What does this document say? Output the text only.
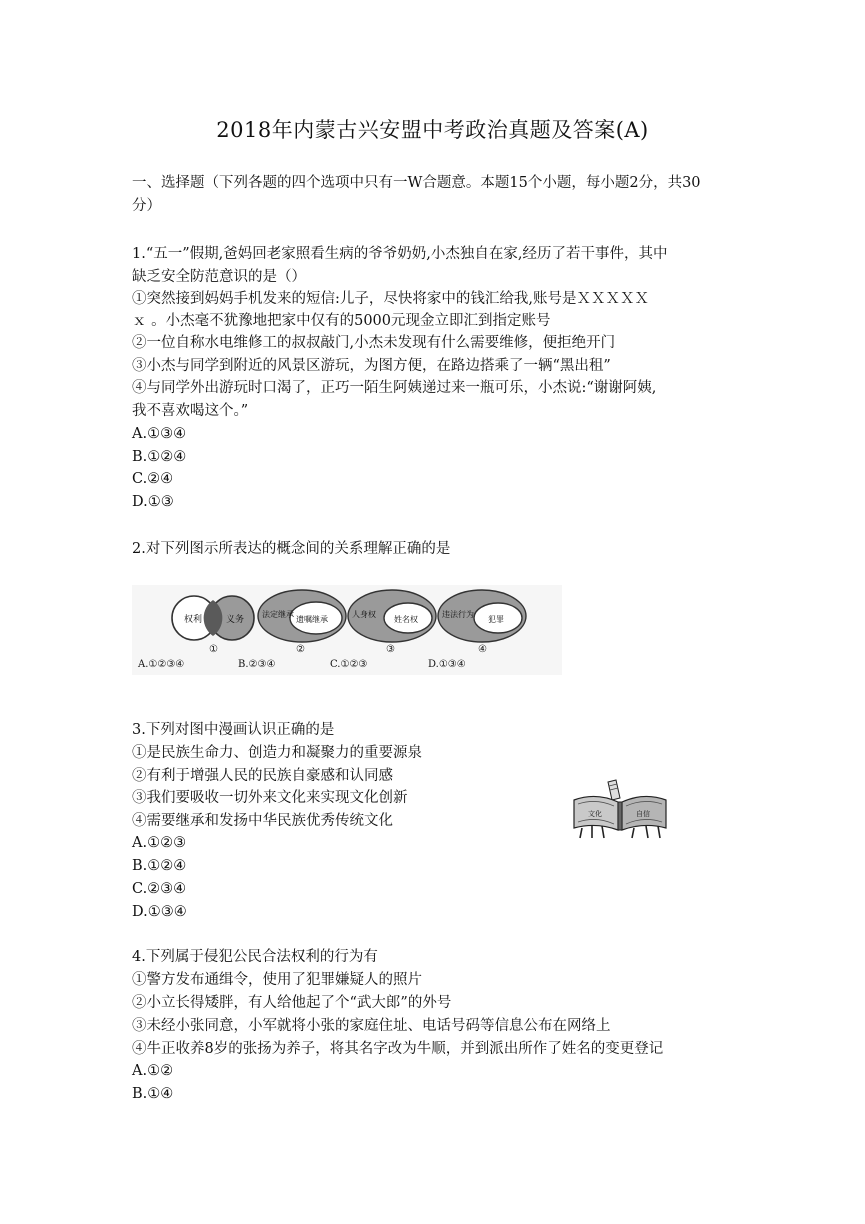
2018年内蒙古兴安盟中考政治真题及答案(A)
一、选择题（下列各题的四个选项中只有一W合题意。本题15个小题，每小题2分，共30
分）
1.“五一”假期,爸妈回老家照看生病的爷爷奶奶,小杰独自在家,经历了若干事件，其中
缺乏安全防范意识的是（）
①突然接到妈妈手机发来的短信:儿子，尽快将家中的钱汇给我,账号是ＸＸＸＸＸ
ｘ 。小杰毫不犹豫地把家中仅有的5000元现金立即汇到指定账号
②一位自称水电维修工的叔叔敲门,小杰未发现有什么需要维修，便拒绝开门
③小杰与同学到附近的风景区游玩，为图方便，在路边搭乘了一辆“黑出租”
④与同学外出游玩时口渴了，正巧一陌生阿姨递过来一瓶可乐，小杰说:“谢谢阿姨,
我不喜欢喝这个。”
A.①③④
B.①②④
C.②④
D.①③
2.对下列图示所表达的概念间的关系理解正确的是
权利	义务
①
法定继承
遗嘱继承
②
人身权
姓名权
③
违法行为
犯罪
④
A.①②③④	B.②③④	C.①②③	D.①③④
3.下列对图中漫画认识正确的是
①是民族生命力、创造力和凝聚力的重要源泉
②有利于增强人民的民族自豪感和认同感
③我们要吸收一切外来文化来实现文化创新
④需要继承和发扬中华民族优秀传统文化
A.①②③
B.①②④
C.②③④
D.①③④
文化	自信
4.下列属于侵犯公民合法权利的行为有
①警方发布通缉令，使用了犯罪嫌疑人的照片
②小立长得矮胖，有人给他起了个“武大郎”的外号
③未经小张同意，小军就将小张的家庭住址、电话号码等信息公布在网络上
④牛正收养8岁的张扬为养子，将其名字改为牛顺，并到派出所作了姓名的变更登记
A.①②
B.①④
